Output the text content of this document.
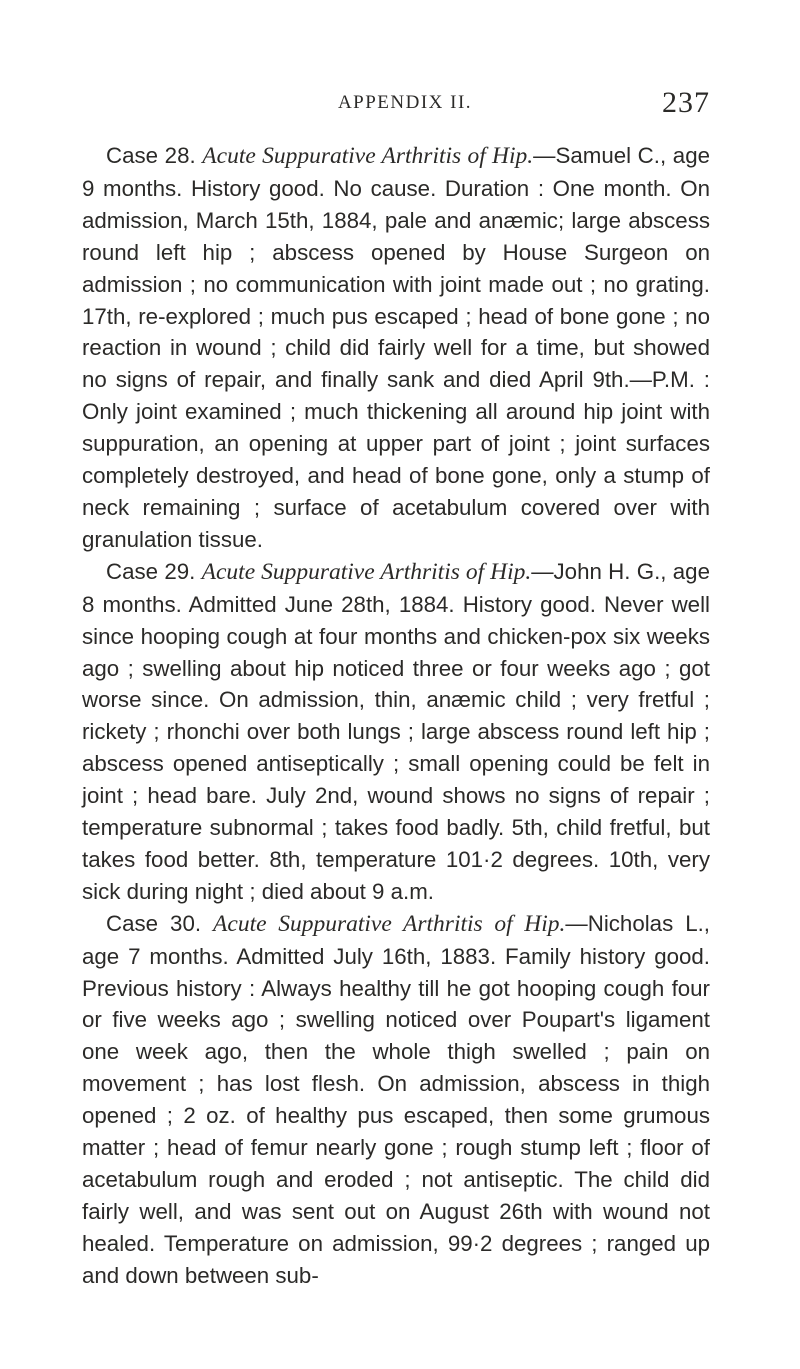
APPENDIX II.	237

Case 28. Acute Suppurative Arthritis of Hip.—Samuel C., age 9 months. History good. No cause. Duration : One month. On admission, March 15th, 1884, pale and anæmic; large abscess round left hip ; abscess opened by House Surgeon on admission ; no communication with joint made out ; no grating. 17th, re-explored ; much pus escaped ; head of bone gone ; no reaction in wound ; child did fairly well for a time, but showed no signs of repair, and finally sank and died April 9th.—P.M. : Only joint examined ; much thickening all around hip joint with suppuration, an opening at upper part of joint ; joint surfaces completely destroyed, and head of bone gone, only a stump of neck remaining ; surface of acetabulum covered over with granulation tissue.

Case 29. Acute Suppurative Arthritis of Hip.—John H. G., age 8 months. Admitted June 28th, 1884. History good. Never well since hooping cough at four months and chicken-pox six weeks ago ; swelling about hip noticed three or four weeks ago ; got worse since. On admission, thin, anæmic child ; very fretful ; rickety ; rhonchi over both lungs ; large abscess round left hip ; abscess opened antiseptically ; small opening could be felt in joint ; head bare. July 2nd, wound shows no signs of repair ; temperature subnormal ; takes food badly. 5th, child fretful, but takes food better. 8th, temperature 101·2 degrees. 10th, very sick during night ; died about 9 a.m.

Case 30. Acute Suppurative Arthritis of Hip.—Nicholas L., age 7 months. Admitted July 16th, 1883. Family history good. Previous history : Always healthy till he got hooping cough four or five weeks ago ; swelling noticed over Poupart's ligament one week ago, then the whole thigh swelled ; pain on movement ; has lost flesh. On admission, abscess in thigh opened ; 2 oz. of healthy pus escaped, then some grumous matter ; head of femur nearly gone ; rough stump left ; floor of acetabulum rough and eroded ; not antiseptic. The child did fairly well, and was sent out on August 26th with wound not healed. Temperature on admission, 99·2 degrees ; ranged up and down between sub-
